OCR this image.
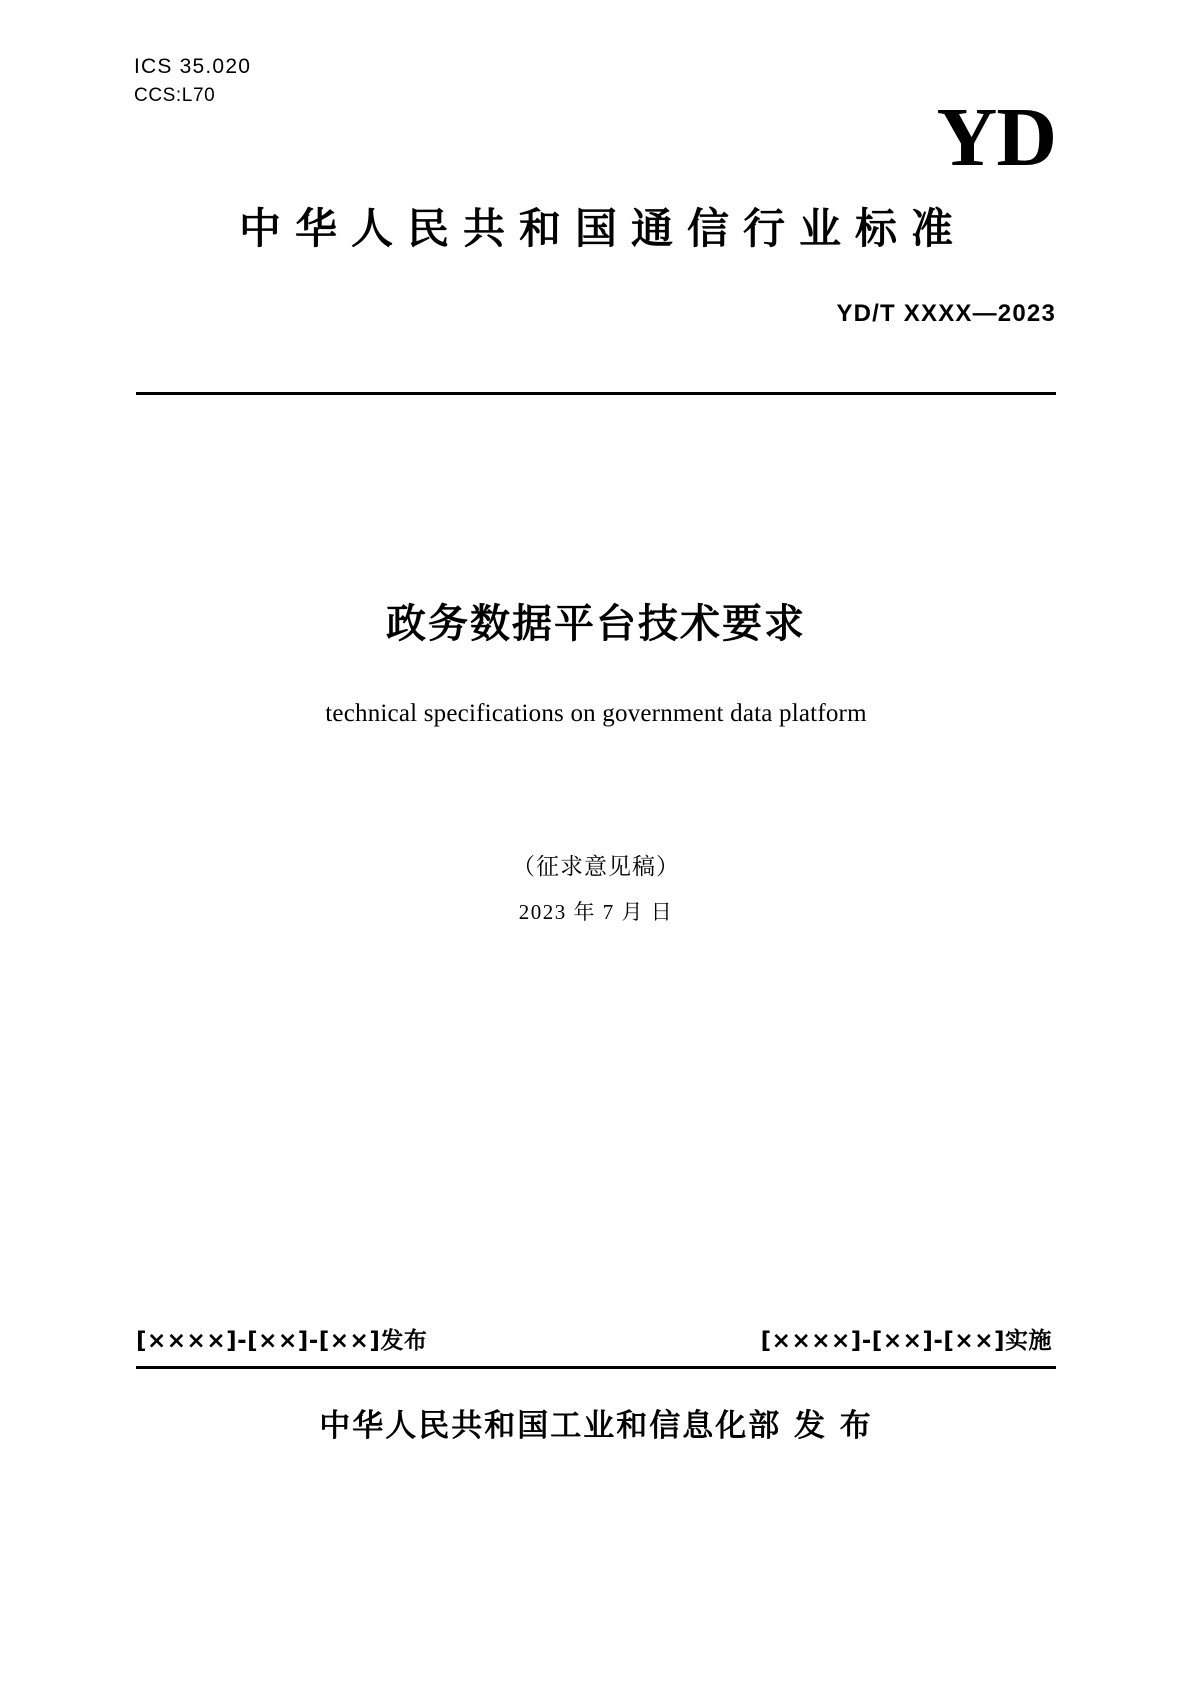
ICS 35.020
CCS:L70	YD
中华人民共和国通信行业标准
YD/T XXXX—2023
政务数据平台技术要求
technical specifications on government data platform
（征求意见稿）
2023 年 7 月 日
[××××]-[××]-[××]发布	[××××]-[××]-[××]实施
中华人民共和国工业和信息化部 发 布
